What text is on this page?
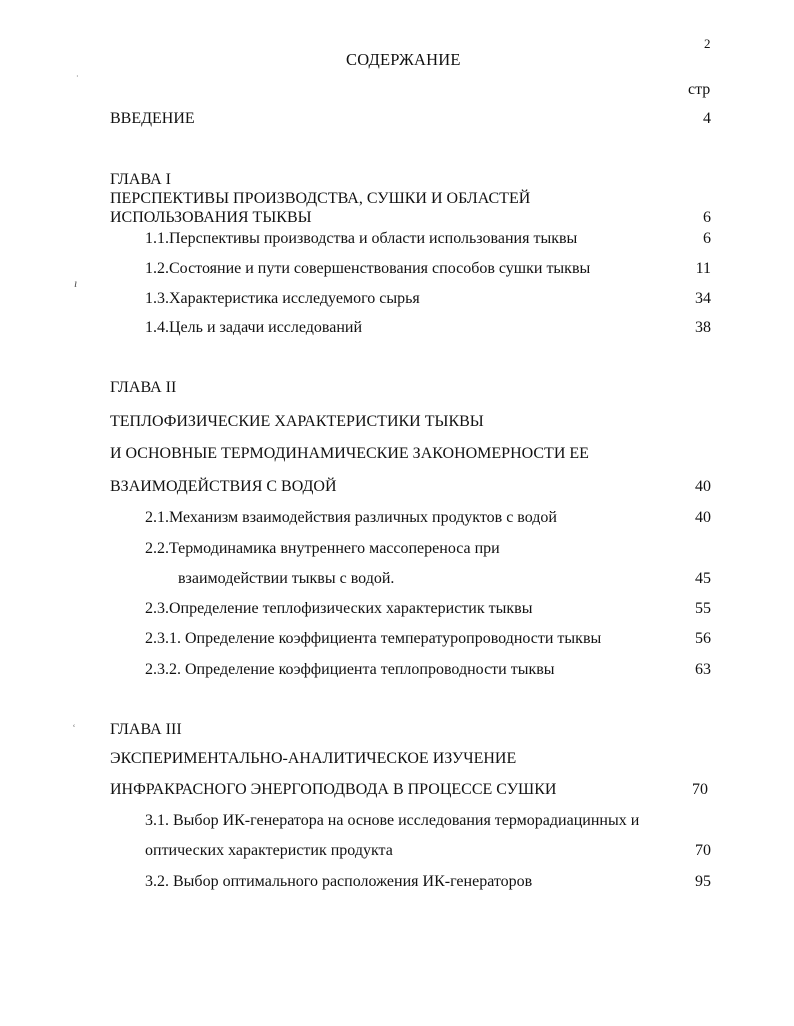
2
СОДЕРЖАНИЕ
стр
ВВЕДЕНИЕ	4
ГЛАВА I
ПЕРСПЕКТИВЫ ПРОИЗВОДСТВА, СУШКИ И ОБЛАСТЕЙ
ИСПОЛЬЗОВАНИЯ ТЫКВЫ	6
1.1.Перспективы производства и области использования тыквы	6
1.2.Состояние и пути совершенствования способов сушки тыквы	11
1.3.Характеристика исследуемого сырья	34
1.4.Цель и задачи исследований	38
ГЛАВА II
ТЕПЛОФИЗИЧЕСКИЕ ХАРАКТЕРИСТИКИ ТЫКВЫ
И ОСНОВНЫЕ ТЕРМОДИНАМИЧЕСКИЕ ЗАКОНОМЕРНОСТИ ЕЕ
ВЗАИМОДЕЙСТВИЯ С ВОДОЙ	40
2.1.Механизм взаимодействия различных продуктов с водой	40
2.2.Термодинамика внутреннего массопереноса при
взаимодействии тыквы с водой.	45
2.3.Определение теплофизических характеристик тыквы	55
2.3.1. Определение коэффициента температуропроводности тыквы	56
2.3.2. Определение коэффициента теплопроводности тыквы	63
ГЛАВА III
ЭКСПЕРИМЕНТАЛЬНО-АНАЛИТИЧЕСКОЕ ИЗУЧЕНИЕ
ИНФРАКРАСНОГО ЭНЕРГОПОДВОДА В ПРОЦЕССЕ СУШКИ	70
3.1. Выбор ИК-генератора на основе исследования терморадиацинных и
оптических характеристик продукта	70
3.2. Выбор оптимального расположения ИК-генераторов	95
·
ı
ʿ
